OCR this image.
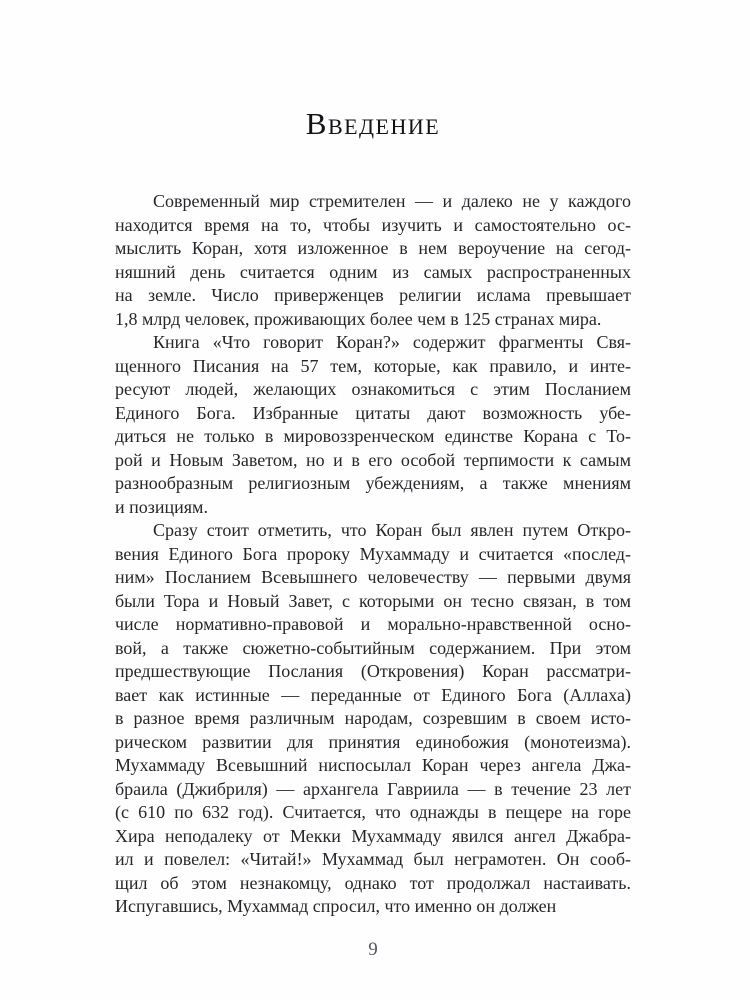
Введение
Современный мир стремителен — и далеко не у каждого
находится время на то, чтобы изучить и самостоятельно ос-
мыслить Коран, хотя изложенное в нем вероучение на сегод-
няшний день считается одним из самых распространенных
на земле. Число приверженцев религии ислама превышает
1,8 млрд человек, проживающих более чем в 125 странах мира.
Книга «Что говорит Коран?» содержит фрагменты Свя-
щенного Писания на 57 тем, которые, как правило, и инте-
ресуют людей, желающих ознакомиться с этим Посланием
Единого Бога. Избранные цитаты дают возможность убе-
диться не только в мировоззренческом единстве Корана с То-
рой и Новым Заветом, но и в его особой терпимости к самым
разнообразным религиозным убеждениям, а также мнениям
и позициям.
Сразу стоит отметить, что Коран был явлен путем Откро-
вения Единого Бога пророку Мухаммаду и считается «послед-
ним» Посланием Всевышнего человечеству — первыми двумя
были Тора и Новый Завет, с которыми он тесно связан, в том
числе нормативно-правовой и морально-нравственной осно-
вой, а также сюжетно-событийным содержанием. При этом
предшествующие Послания (Откровения) Коран рассматри-
вает как истинные — переданные от Единого Бога (Аллаха)
в разное время различным народам, созревшим в своем исто-
рическом развитии для принятия единобожия (монотеизма).
Мухаммаду Всевышний ниспосылал Коран через ангела Джа-
браила (Джибриля) — архангела Гавриила — в течение 23 лет
(с 610 по 632 год). Считается, что однажды в пещере на горе
Хира неподалеку от Мекки Мухаммаду явился ангел Джабра-
ил и повелел: «Читай!» Мухаммад был неграмотен. Он сооб-
щил об этом незнакомцу, однако тот продолжал настаивать.
Испугавшись, Мухаммад спросил, что именно он должен
9
